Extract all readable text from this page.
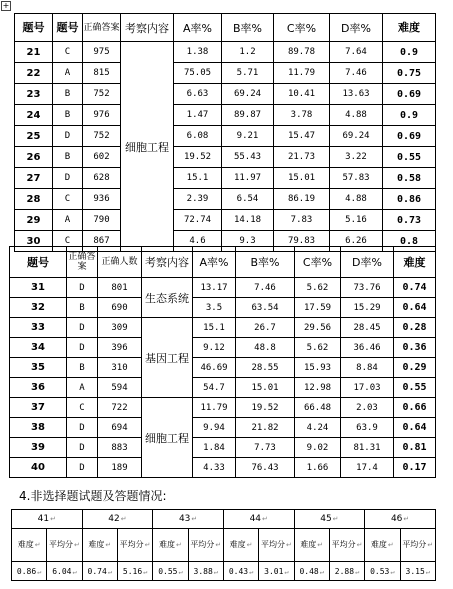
+
题号	题号	正确答案	考察内容	A率%	B率%	C率%	D率%	难度
21	C	975	细胞工程	1.38	1.2	89.78	7.64	0.9
22	A	815		75.05	5.71	11.79	7.46	0.75
23	B	752		6.63	69.24	10.41	13.63	0.69
24	B	976		1.47	89.87	3.78	4.88	0.9
25	D	752		6.08	9.21	15.47	69.24	0.69
26	B	602		19.52	55.43	21.73	3.22	0.55
27	D	628		15.1	11.97	15.01	57.83	0.58
28	C	936		2.39	6.54	86.19	4.88	0.86
29	A	790		72.74	14.18	7.83	5.16	0.73
30	C	867		4.6	9.3	79.83	6.26	0.8
题号	正确答案	正确人数	考察内容	A率%	B率%	C率%	D率%	难度
31	D	801	生态系统	13.17	7.46	5.62	73.76	0.74
32	B	690		3.5	63.54	17.59	15.29	0.64
33	D	309	基因工程	15.1	26.7	29.56	28.45	0.28
34	D	396		9.12	48.8	5.62	36.46	0.36
35	B	310		46.69	28.55	15.93	8.84	0.29
36	A	594		54.7	15.01	12.98	17.03	0.55
37	C	722	细胞工程	11.79	19.52	66.48	2.03	0.66
38	D	694		9.94	21.82	4.24	63.9	0.64
39	D	883		1.84	7.73	9.02	81.31	0.81
40	D	189		4.33	76.43	1.66	17.4	0.17
4.非选择题试题及答题情况:
41↵		42↵		43↵		44↵		45↵		46↵	
难度↵	平均分↵	难度↵	平均分↵	难度↵	平均分↵	难度↵	平均分↵	难度↵	平均分↵	难度↵	平均分↵
0.86↵	6.04↵	0.74↵	5.16↵	0.55↵	3.88↵	0.43↵	3.01↵	0.48↵	2.88↵	0.53↵	3.15↵
